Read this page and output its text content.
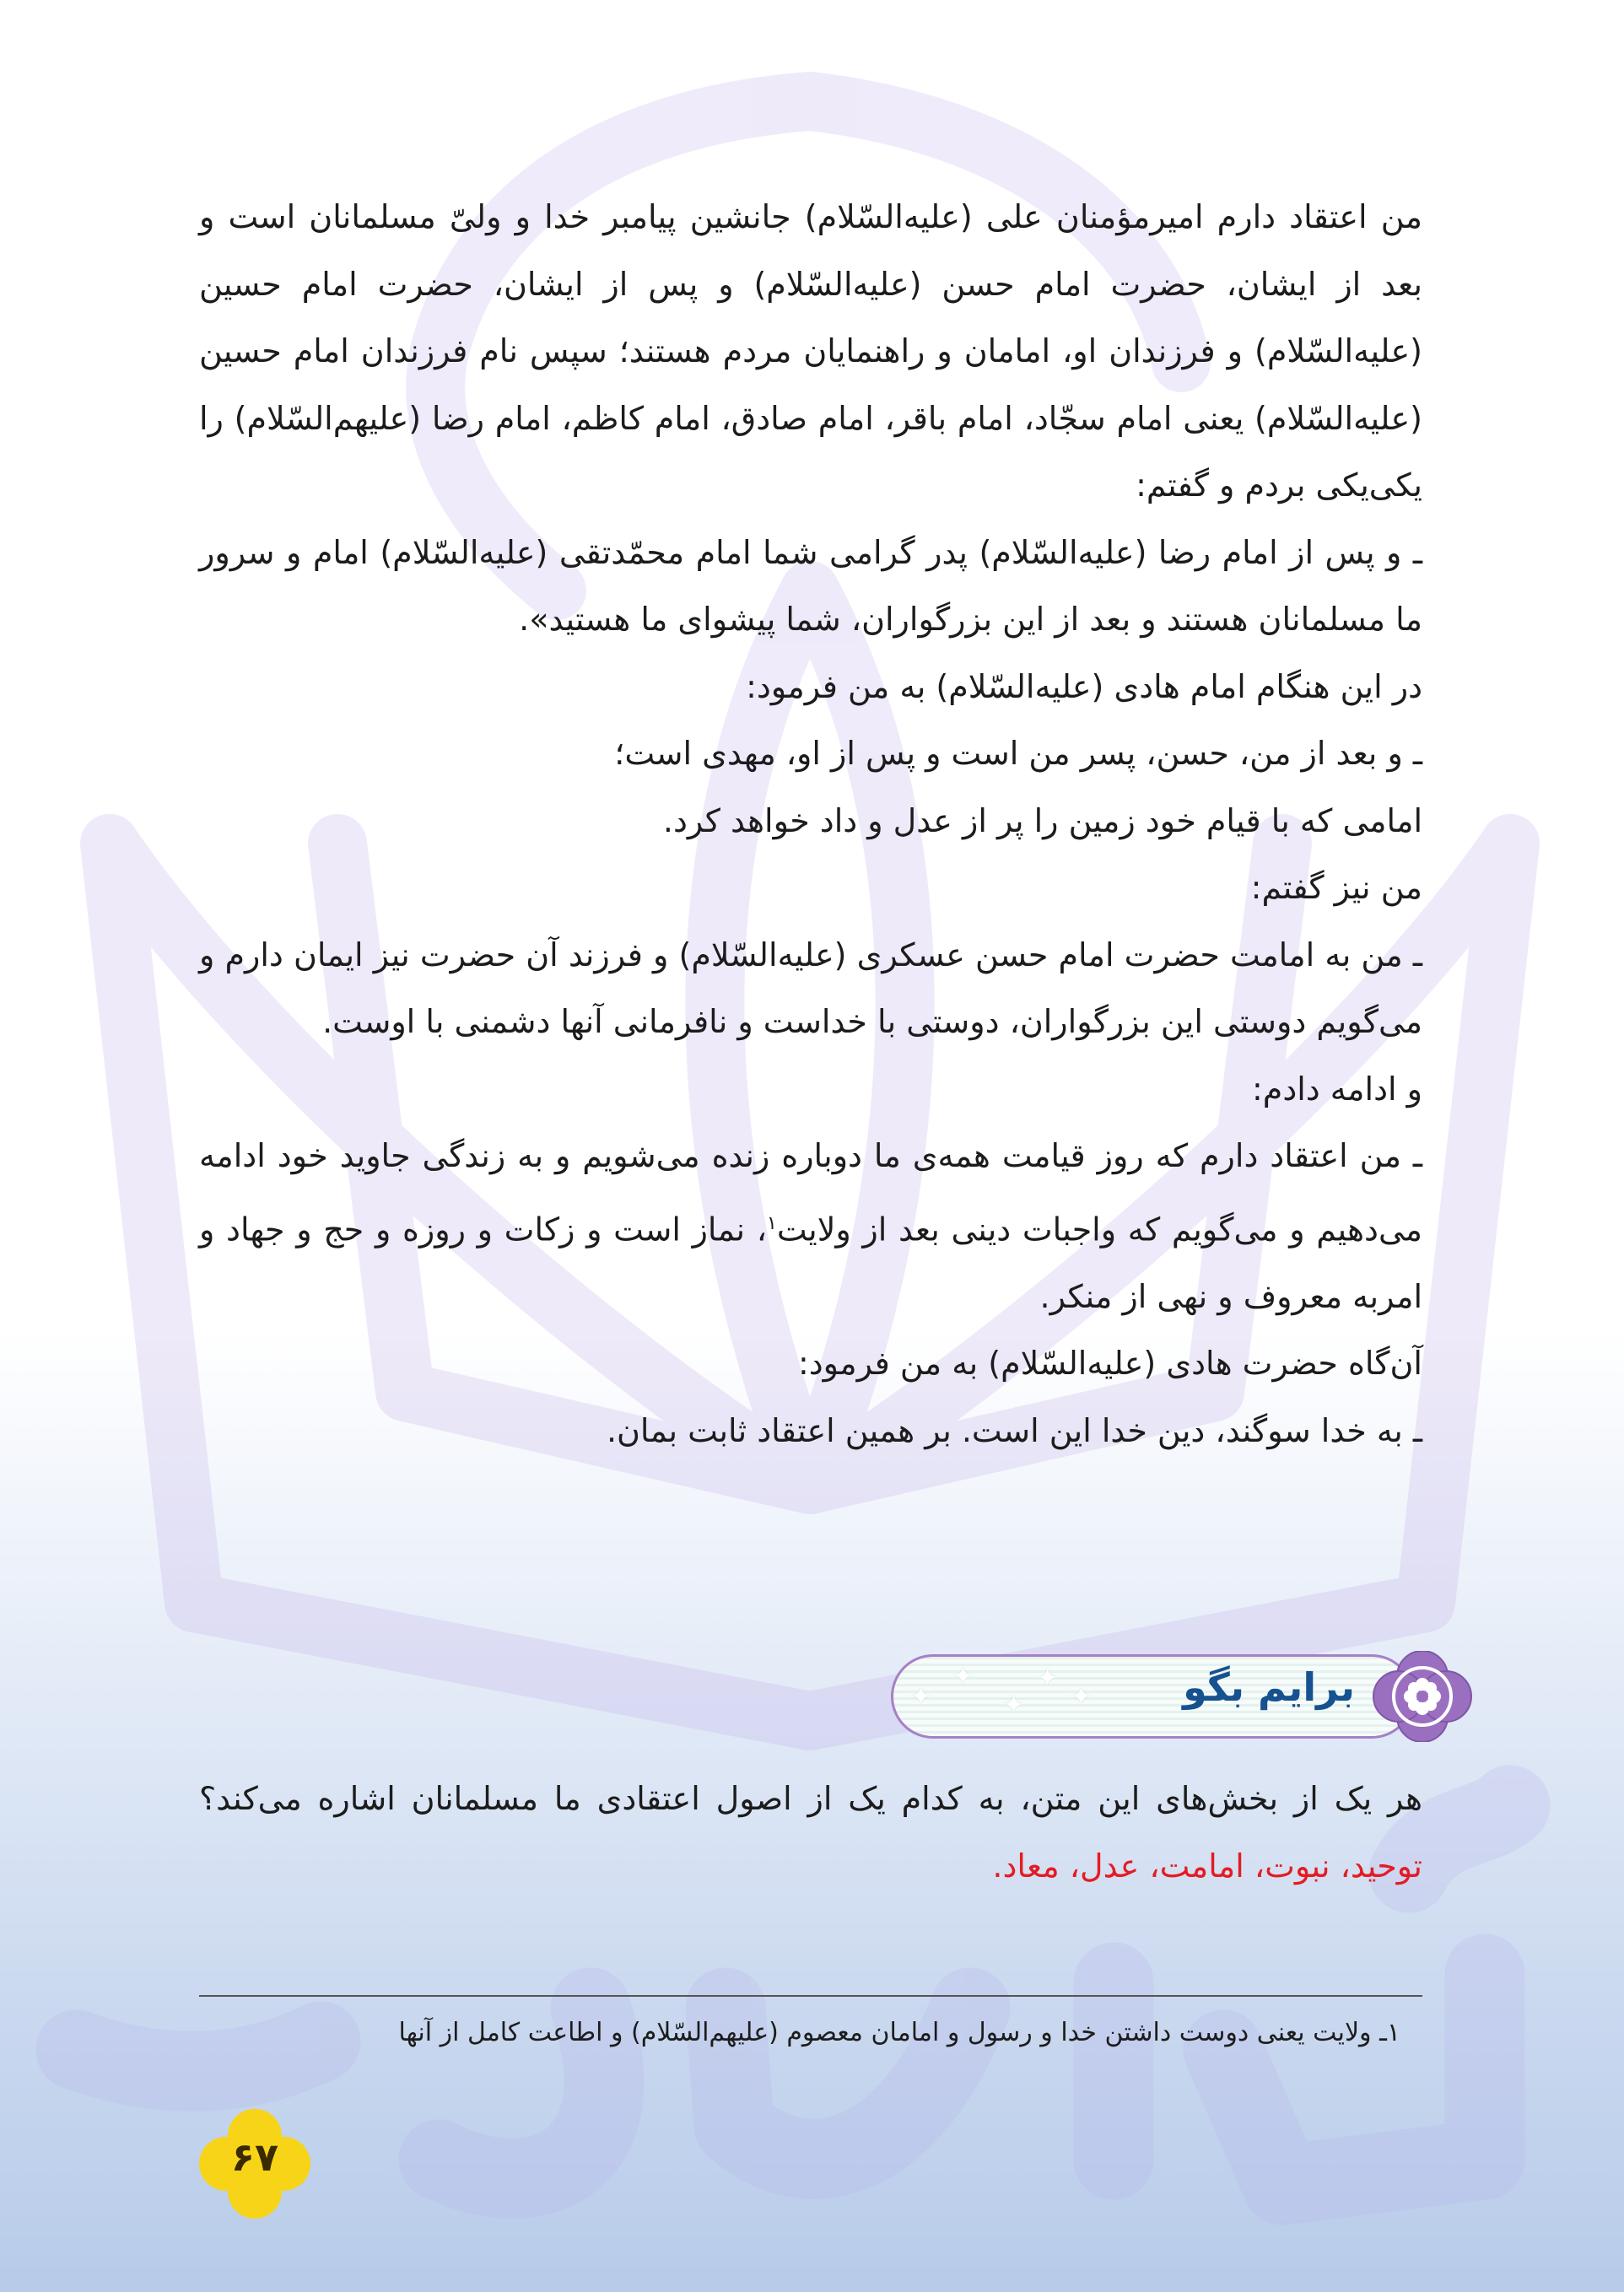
من اعتقاد دارم امیرمؤمنان علی (علیه‌السّلام) جانشین پیامبر خدا و ولیّ مسلمانان است و بعد از ایشان، حضرت امام حسن (علیه‌السّلام) و پس از ایشان، حضرت امام حسین (علیه‌السّلام) و فرزندان او، امامان و راهنمایان مردم هستند؛ سپس نام فرزندان امام حسین (علیه‌السّلام) یعنی امام سجّاد، امام باقر، امام صادق، امام کاظم، امام رضا (علیهم‌السّلام) را یکی‌یکی بردم و گفتم:

ـ و پس از امام رضا (علیه‌السّلام) پدر گرامی شما امام محمّدتقی (علیه‌السّلام) امام و سرور ما مسلمانان هستند و بعد از این بزرگواران، شما پیشوای ما هستید».

در این هنگام امام هادی (علیه‌السّلام) به من فرمود:

ـ و بعد از من، حسن، پسر من است و پس از او، مهدی است؛

امامی که با قیام خود زمین را پر از عدل و داد خواهد کرد.

من نیز گفتم:

ـ من به امامت حضرت امام حسن عسکری (علیه‌السّلام) و فرزند آن حضرت نیز ایمان دارم و می‌گویم دوستی این بزرگواران، دوستی با خداست و نافرمانی آنها دشمنی با اوست.

و ادامه دادم:

ـ من اعتقاد دارم که روز قیامت همه‌ی ما دوباره زنده می‌شویم و به زندگی جاوید خود ادامه می‌دهیم و می‌گویم که واجبات دینی بعد از ولایت$^۱$، نماز است و زکات و روزه و حج و جهاد و امربه معروف و نهی از منکر.

آن‌گاه حضرت هادی (علیه‌السّلام) به من فرمود:

ـ به خدا سوگند، دین خدا این است. بر همین اعتقاد ثابت بمان.

✦
✦
✦
✦
✦ برایم بگو
هر یک از بخش‌های این متن، به کدام یک از اصول اعتقادی ما مسلمانان اشاره می‌کند؟ توحید، نبوت، امامت، عدل، معاد.
۱ـ ولایت یعنی دوست داشتن خدا و رسول و امامان معصوم (علیهم‌السّلام) و اطاعت کامل از آنها
۶۷
